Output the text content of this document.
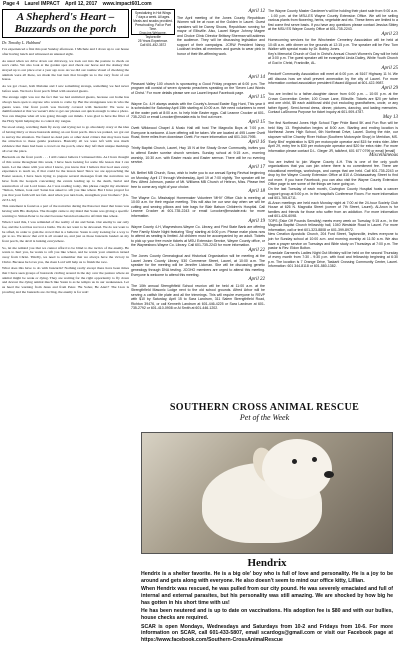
Page 4 Laurel IMPACT April 12, 2017 www.impact601.com
A Shepherd's Heart –
Buzzards on the porch
Dr. Timothy L. Hubbard

I've experienced a first this past Sunday afternoon. I Michele and I drove up to our house after having lunch and witnessed an unusual sight.

As usual when we drive down our driveway, we look out into the pasture to check on son's cattle. We also look at the garden spot and check our horse and the donkey that strayed up to our place over a year ago now. As we did our routine visual of checking the animals were all there, we made the last turn that brought us to the very front of our house.

As we got closer, both Melanie and I saw something strange, something we had never before seen. We had a front porch filled with assorted guests.

The strange sight was not the fact that we had uninvited guests, because our home has always been open to anyone who wants to come by. But the strangeness was in who the guests were. Our front porch was literally covered with buzzards! We were so dumbfounded at that we weren't able to get our phones out quick enough to take a photo. You can imagine what all was going through our minds. I was glad to have the filter of the Holy Spirit helping me to control my tongue.

We stood along, watching them fly away and trying not to go absolutely crazy at the idea of having thirty or more buzzards sitting on our front porch. Once we parked, we got out to survey the situation. We found no dead pets or other dead critters that may have been the attraction to these gentle predators. Basically all we were left with was much evidence that there had been a crowd on the porch, since they left their unique markings all over the place.

Buzzards on the front porch . . . I still cannot believe I witnessed this. As I have thought of this scene throughout this week, I have been looking for some life lesson that I can learn. Let me share with you what I know, you know that I believe that God uses every experience to teach us, if that could be the lesson here! Since we are approaching the Easter season, I have been trying to prepare several messages from the narratives we have from the Gospels concerning the events leading up to the death, burial and resurrection of our Lord Jesus. As I was reading today, this phrase caught my attention: "Simon, Simon, look out! Satan has asked to sift you like wheat. But I have prayed for you that your faith will not fail. And when you turn back, strengthen your brothers." (Lk. 22:31-32)

This statement is found as a part of the narrative during the Passover meal that Jesus was having with His disciples. The thought came to my mind that Satan was giving a specific warning to Simon Peter to be alert because Satan had asked to sift him like wheat.

When I read this, I was reminded of the reality of sin and Satan. Our enemy is our only foe, and the Lord has not lost a battle. We do not want to be devoured. We do not want to be sifted, in order to gain the crowd that is a believer. Satan is only looking for a way to get to us. We know that evil is all around us, and just as those buzzards landed on my front porch, the devil is lurking everywhere.

So, let me remind you that we cannot afford to be blind to the tactics of the enemy. He wants to hurt you, he wants to sift you like wheat, and he wants your attention turned away from Christ. Thirdly, we need to remember that we always have the victory in Christ. Because he loves you, the risen Lord will help us to finish the race.

What does this have to do with buzzards? Nothing really except there have been times that I have seen groups of buzzards circling around in the sky over the pasture where an animal might be weak or dying. They are waiting for the right opportunity to fly down and devour the dying animal much like Satan is as he tempts us in our weaknesses. Let us heed the warning from Jesus and from Peter. 'Be Sober, Be Alert!' The Lion is prowling and the buzzards are circling, the enemy is for real!

Specializing in Hot Wings
7 days a week. All ages.
Meals and snacks provided.
Preschooling. Fall or Part Time.
Drop-ins Welcome. Taylorsville
25 Years Experience.
Call 601-452-3572
April 12
The April meeting of the Jones County Republican Women will be at noon at the Golden in Laurel. Guest speakers will be Danny Shows, Republican running for mayor of Ellisville. Also, Laurel Mayor Johnny Magee and Choice Clinic Director Brittany Sherman will address the audience. They will be discussing legislation and support of their campaigns. JCRW President Nancy Lockhart invites all members and guests to wear pink in honor of their life-affirming work.
April 14
Pleasant Valley 100 church is sponsoring a Good Friday program at 6:00 p.m. The program will consist of seven dynamic preachers speaking on the 'Seven Last Words of Christ.' For more details please see our Laurel Impact Facebook page.
April 15
Wayne Co. 4-H always assists with the County's Annual Easter Egg Hunt, This year it is scheduled for Saturday April 15th starting at 10:00 a.m. We need volunteers to meet at the water park at 8:00 a.m. to help hide Easter eggs. Call Leanne Crocker at 601-735-2243 or email Lcrocker@msstate.edu to find out more.
April 15
Ovett Wildwood Chapel & Music Hall will host The Magnolia Boys at 7:00 p.m. Everyone is welcome. A love offering will be taken. We are located at 495 Lower Ovett Road, three miles from downtown Ovett. For more information call 601.344.7995.
April 16
Trinity Baptist Church, Laurel, Hwy 15 N at the Shady Grove Community, invites you to attend Easter sunrise church services. Sunday school at 9:15 a.m., morning worship, 10:30 a.m. with Easter music and Easter sermon. There will be no evening service.
April 17
Mt. Bethel MB Church, Soso, wish to invite you to our annual Spring Revival beginning on Monday, April 17 through Wednesday, April 19 at 7:00 nightly. The speaker will be Rev. Alfred Johnson, pastor of Mt. Williams MB Church of Hebron, Miss. Please feel free to come any night of your choice.
April 18
The Wayne Co. Mississippi Homemaker Volunteer 'MHV' Office Club is meeting at 10:00 a.m. for their regular meeting. This will also be our sew day when we will be cutting and sewing pillows and tote bags for Blair Batson Children's Hospital. Call Leanne Crocker at 601-735-2243 or email Lcrocker@msstate.edu for more information.
April 19
Wayne County 4-H, Waynesboro-Wayne Co. Library, and First State Bank are offering Free Family Movie Night featuring 'Sing' starting at 6:00 p.m. Please make plans now to attend as seating is limited. All children must be accompanied by an adult. Tickets to pick up your free movie tickets at MSU Extension Service, Wayne County office, or the Waynesboro-Wayne Co. Library. Call 601-735-2243 for more information.
April 22
The Jones County Genealogical and Historical Organization will be meeting at the Laurel Jones County Library, 530 Commerce Street, Laurel, at 10:00 a.m. The speaker for the meeting will be Jennifer Lickman. She will be discussing genetic genealogy through DNA testing. JCGHO members are urged to attend this meeting. Everyone is welcome to attend this meeting.
April 22
The 10th annual Strengthfield School reunion will be held at 11:00 a.m. at the Strengthfield Masonic Lodge next to the old school grounds. Alfred Arbor will be serving a catfish lite plate and all the trimmings. This will require everyone to RSVP with $10 by Saturday, April 15 to Sara Landrum, 311 Salem Strengthfield Road, Richton 39476, or call Kenneth Landrum at 601-446-4225 or Sara Landrum at 601-735-2792 or 601-410-0908 or Al Smith at 601-446-1202.
The Wayne County Master Gardener's will be holding their plant sale from 9:00 a.m. - 1:00 p.m. at the MSU-ES Wayne County Extension Office. We will be selling various plants from flowering, herbs, vegetable and etc. These items are limited to a first come first serve basis. If you have any questions please contact Jessica Sibley at the MSU ES Wayne County Office at 601-735-2243.
April 23
Homecoming services for the Winchester Cemetery Association will be held at 10:45 a.m. with dinner on the grounds at 12:15 p.m. The speaker will be Rev. Tom Walker with special music by Dr. Bobby Jones.
Key's Memorial Church of God in Christ's Annual Church Women's Day will be held at 3:00 p.m. The guest speaker will be evangelist Linda Dailey, White Youth Church of God in Christ, Frankville, AL.
April 25
Pendorff Community Association will meet at 6:00 p.m. at 5167 Highway 11 N. We will discuss how we shall prevent annexation by the city of Laurel. For more information contact association president Edward Allgood at 601-422-9987.
April 29
You are invited to a father-daughter dance from 6:00 p.m. – 10:00 p.m. at the Crown Convention Center, 100 Crown Lane, Ellisville. Tickets are $20 per father and one child, $5 each additional child (not excluding grandfathers, uncle, or any father figure). Semi-formal dress, dinner, pictures, dancing, and lasting memories. Contact LaShonna Purpose for ticket inquiry at 601-909-4787.
May 13
The first Northeast Jones High School Tiger Pride Band 5K and Fun Run will be held May 13. Registration begins at 8:00 a.m. Starting and ending location is Northeast Jones High School, 6th Northeast Drive, Laurel. During the ride, our stopover will be Chantry River Hollow (Southern Motorcycle Shop) in Meridian, MS. 'Early Bird' registration is $25 per motorcycle operator and $15 for extra rider. After April 29, entry fee is $30 per motorcycle operator and $20 for extra rider. For more information please contact D.L. Gieger JR, talk/text, 601 677 0799 or email [email]
Miscellaneous
You are invited to join Wayne County 4-H. This is one of the only youth organizations that you can join where there is no commitment fee. There are educational meetings, workshops, and camps that are held. Call 601-735-2243 or drop by the Wayne County Extension Office at 810 A Chickasawhay Street to find out more. If you have Facebook, you can also visit the Wayne County Extension Office page to see some of the things we have going on.
On the last Tuesday of each month, Covington County Hospital hosts a cancer support group at 5:00 p.m. in the hospital's Conference Room. For more information call 601-765-6711.
Al-Anon meetings are held each Monday night at 7:00 at the 24-hour Society Club House at 626 N. Magnolia Street (corner of 7th Street, Laurel). Al-Anon is for families and friends for those who suffer from an addiction. For more information call 601-426-6098.
TOPS (Take Off Pounds Sensibly) meets every week on Tuesday, 9:15 a.m., in the Magnolia Baptist Church fellowship hall, 1040 Westside Road in Laurel. For more information, call or text 601-323-8808 or 601-399-8972.
New Creation Apostolic Church, 204 Ford Street, Taylorsville, invites everyone to join for Sunday school at 10:00 a.m. and morning worship at 11:30 a.m. We also have a prayer service on Tuesdays and Bible study on Thursdays at 7:00 p.m. The pastor is Rev. Eldon Bolton.
Rosedale Garment's Ladies Night Out Ministry will be held on the second Thursday of every month from 7:30 - 9:30 p.m. with food and fellowship beginning at 6:30 p.m. The location is 7 Orange Drive, Taskarti Crossing Community Center, Laurel. Information: 601 344-8118 or 601-580-1382.
SOUTHERN CROSS ANIMAL RESCUE
Pet of the Week
Hendrix

Hendrix is a shelter favorite. He is a big ole' boy who is full of love and personality. He is a joy to be around and gets along with everyone. He also doesn't seem to mind our office kitty, Lillian.

When Hendrix was rescued, he was pulled from our city pound. He was severely emaciated and full of internal and external parasites, but his personality was still amazing. We are shocked by how big he has gotten in his short time with us!

He has been neutered and is up to date on vaccinations. His adoption fee is $80 and with our bullies, house checks are required.

SCAR is open Mondays, Wednesdays and Saturdays from 10-2 and Fridays from 10-6. For more information on SCAR, call 601-433-5807, email scardogs@gmail.com or visit our Facebook page at https://www.facebook.com/Southern-CrossAnimalRescue
